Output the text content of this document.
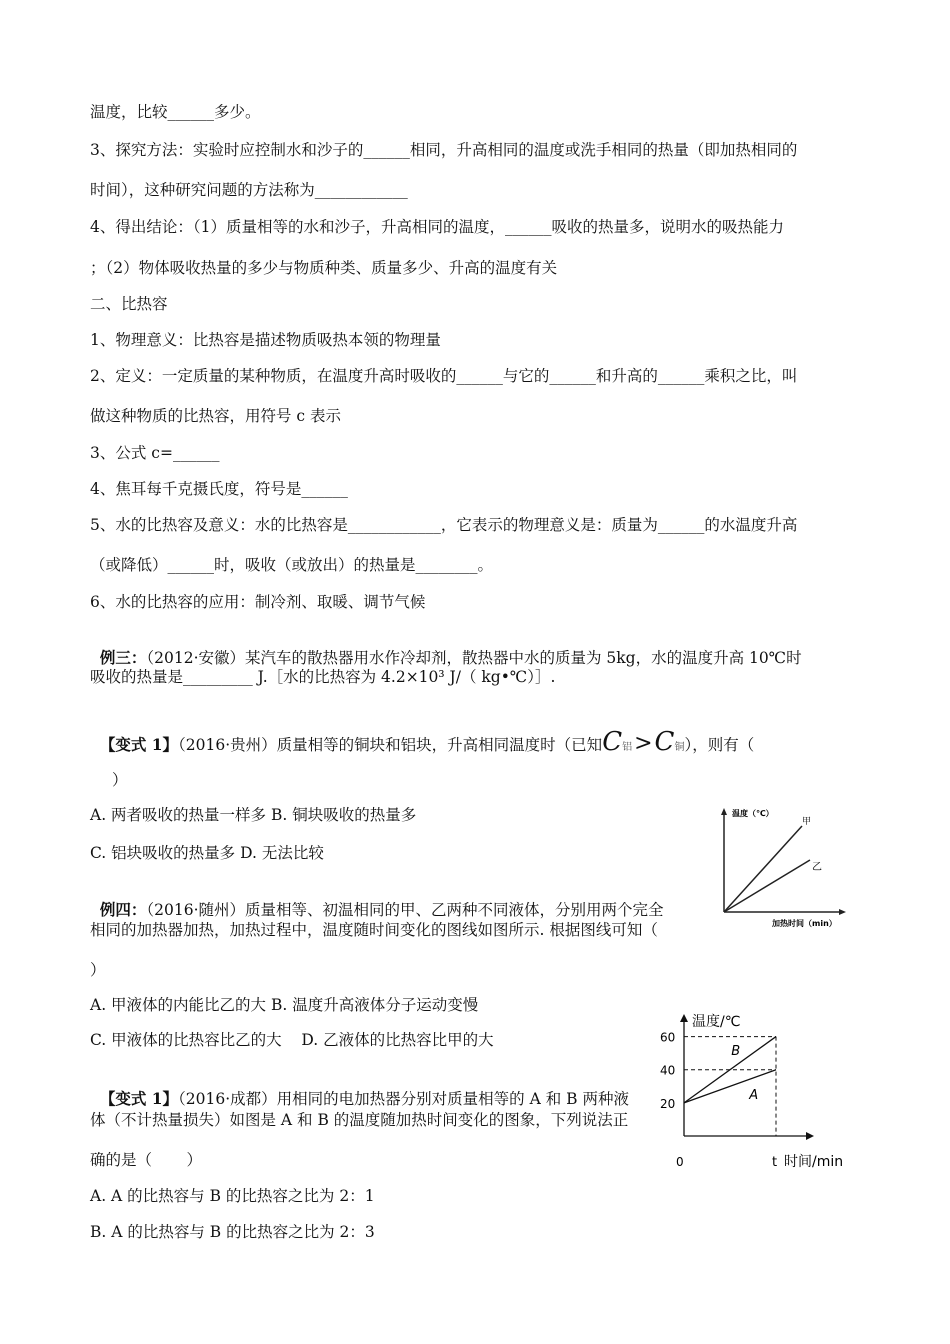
温度，比较______多少。
3、探究方法：实验时应控制水和沙子的______相同，升高相同的温度或洗手相同的热量（即加热相同的
时间），这种研究问题的方法称为____________
4、得出结论：（1）质量相等的水和沙子，升高相同的温度，______吸收的热量多，说明水的吸热能力
；（2）物体吸收热量的多少与物质种类、质量多少、升高的温度有关
二、比热容
1、物理意义：比热容是描述物质吸热本领的物理量
2、定义：一定质量的某种物质，在温度升高时吸收的______与它的______和升高的______乘积之比，叫
做这种物质的比热容，用符号 c 表示
3、公式 c=______
4、焦耳每千克摄氏度，符号是______
5、水的比热容及意义：水的比热容是____________，它表示的物理意义是：质量为______的水温度升高
（或降低）______时，吸收（或放出）的热量是________。
6、水的比热容的应用：制冷剂、取暖、调节气候

例三：（2012·安徽）某汽车的散热器用水作冷却剂，散热器中水的质量为 5kg，水的温度升高 10℃时

吸收的热量是_________ J.［水的比热容为 4.2×10³ J/（ kg•℃）］.

【变式 1】（2016·贵州）质量相等的铜块和铝块，升高相同温度时（已知C铝>C铜），则有（

）
A. 两者吸收的热量一样多 B. 铜块吸收的热量多
C. 铝块吸收的热量多 D. 无法比较

例四：（2016·随州）质量相等、初温相同的甲、乙两种不同液体，分别用两个完全

相同的加热器加热，加热过程中，温度随时间变化的图线如图所示. 根据图线可知（
）
A. 甲液体的内能比乙的大 B. 温度升高液体分子运动变慢
C. 甲液体的比热容比乙的大    D. 乙液体的比热容比甲的大

【变式 1】（2016·成都）用相同的电加热器分别对质量相等的 A 和 B 两种液

体（不计热量损失）如图是 A 和 B 的温度随加热时间变化的图象，下列说法正
确的是（       ）
A. A 的比热容与 B 的比热容之比为 2：1
B. A 的比热容与 B 的比热容之比为 2：3
温度（℃）
加热时间（min）
甲
乙
温度/℃
时间/min
0
20
40
60
t
B
A
